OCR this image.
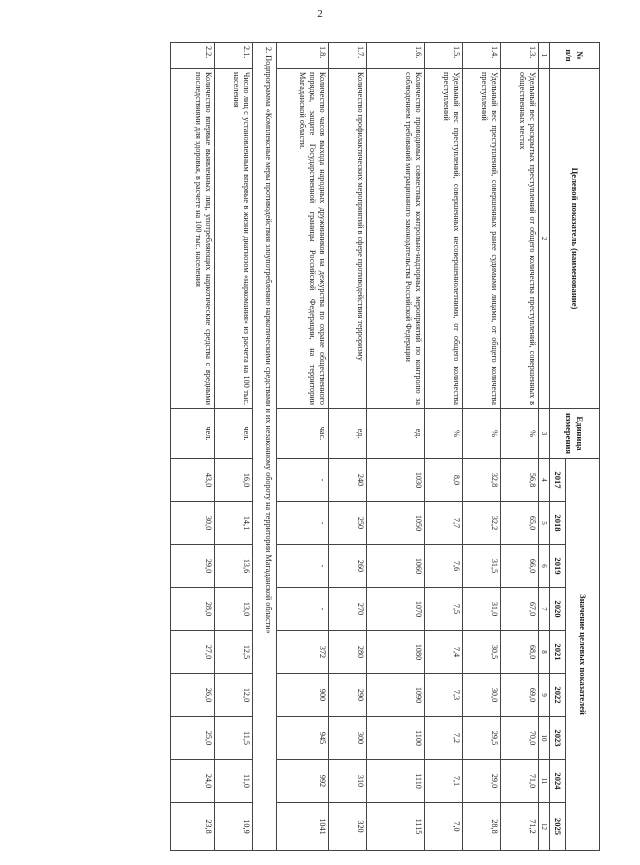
2
№
п/п	Целевой показатель (наименование)	Единица измерения	Значение целевых показателей								
			2017	2018	2019	2020	2021	2022	2023	2024	2025
1	2	3	4	5	6	7	8	9	10	11	12
1.3.	Удельный вес раскрытых преступлений от общего количества преступлений, совершенных в общественных местах	%	56,8	65,0	66,0	67,0	68,0	69,0	70,0	71,0	71,2
1.4.	Удельный вес преступлений, совершенных ранее судимыми лицами, от общего количества преступлений	%	32,8	32,2	31,5	31,0	30,5	30,0	29,5	29,0	28,8
1.5.	Удельный вес преступлений, совершенных несовершеннолетними, от общего количества преступлений	%	8,0	7,7	7,6	7,5	7,4	7,3	7,2	7,1	7,0
1.6.	Количество проводимых совместных контрольно-надзорных мероприятий по контролю за соблюдением требований миграционного законодательства Российской Федерации	ед.	1030	1050	1060	1070	1080	1090	1100	1110	1115
1.7.	Количество профилактических мероприятий в сфере противодействия терроризму	ед.	240	250	260	270	280	290	300	310	320
1.8.	Количество часов выхода народных дружинников на дежурства по охране общественного порядка, защите Государственной границы Российской Федерации, на территории Магаданской области.	час.	-	-	-	-	372	900	945	992	1041
2. Подпрограмма «Комплексные меры противодействия злоупотреблению наркотическими средствами и их незаконному обороту на территории Магаданской области»											
2.1.	Число лиц с установленным впервые в жизни диагнозом «наркомания» из расчета на 100 тыс. населения	чел.	16,0	14,1	13,6	13,0	12,5	12,0	11,5	11,0	10,9
2.2.	Количество впервые выявленных лиц, употребляющих наркотические средства с вредными последствиями для здоровья, в расчете на 100 тыс. населения	чел.	43,0	30,0	29,0	28,0	27,0	26,0	25,0	24,0	23,8
